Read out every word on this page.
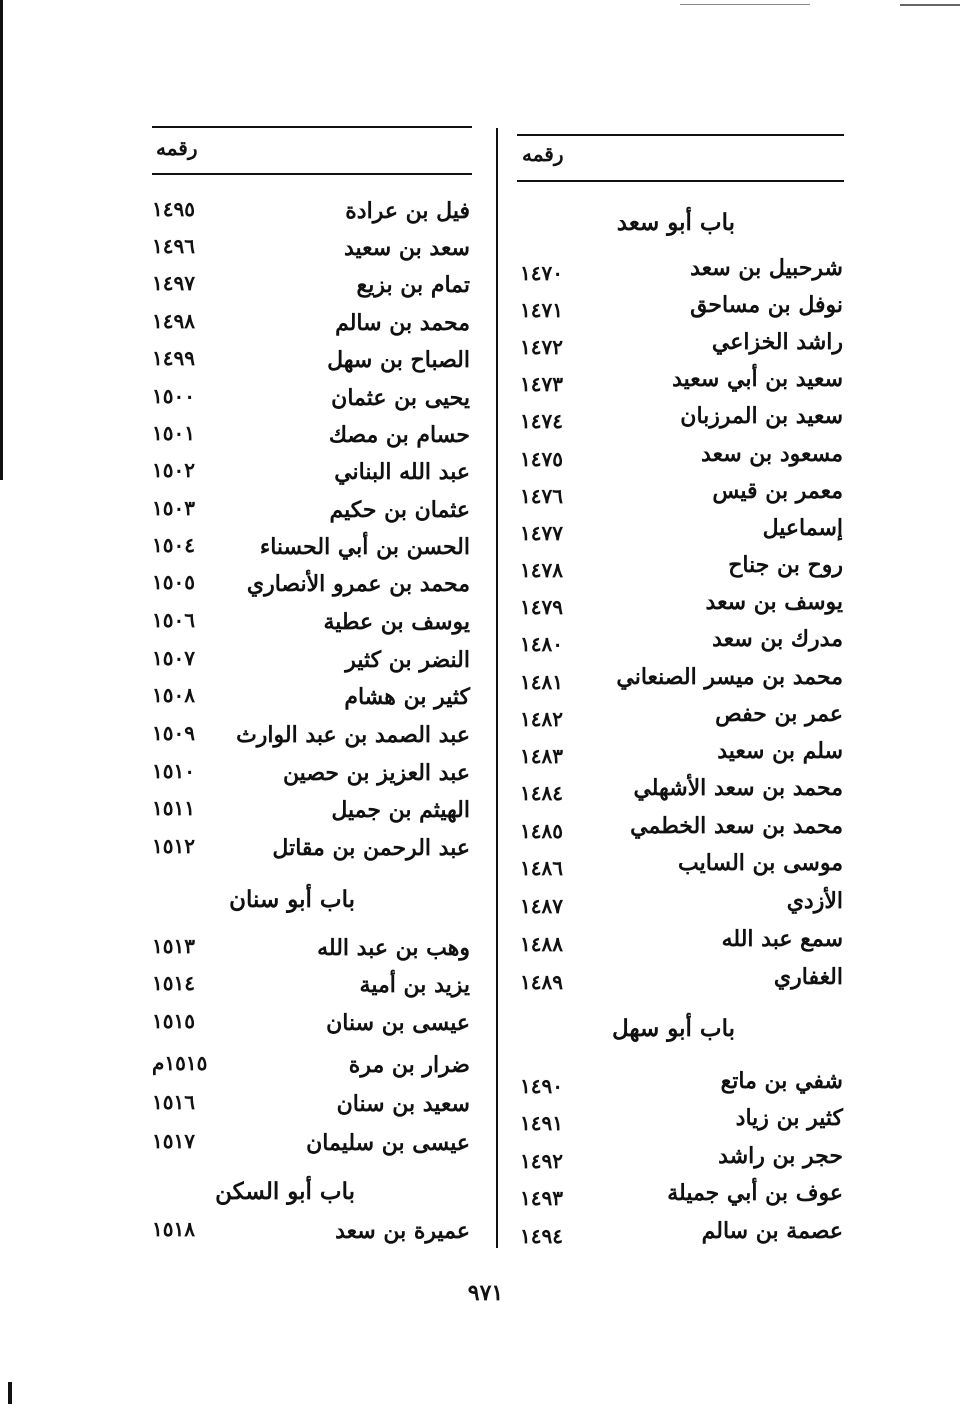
رقمه
رقمه
باب أبو سعد
شرحبيل بن سعد
١٤٧٠
نوفل بن مساحق
١٤٧١
راشد الخزاعي
١٤٧٢
سعيد بن أبي سعيد
١٤٧٣
سعيد بن المرزبان
١٤٧٤
مسعود بن سعد
١٤٧٥
معمر بن قيس
١٤٧٦
إسماعيل
١٤٧٧
روح بن جناح
١٤٧٨
يوسف بن سعد
١٤٧٩
مدرك بن سعد
١٤٨٠
محمد بن ميسر الصنعاني
١٤٨١
عمر بن حفص
١٤٨٢
سلم بن سعيد
١٤٨٣
محمد بن سعد الأشهلي
١٤٨٤
محمد بن سعد الخطمي
١٤٨٥
موسى بن السايب
١٤٨٦
الأزدي
١٤٨٧
سمع عبد الله
١٤٨٨
الغفاري
١٤٨٩
باب أبو سهل
شفي بن ماتع
١٤٩٠
كثير بن زياد
١٤٩١
حجر بن راشد
١٤٩٢
عوف بن أبي جميلة
١٤٩٣
عصمة بن سالم
١٤٩٤
فيل بن عرادة
١٤٩٥
سعد بن سعيد
١٤٩٦
تمام بن بزيع
١٤٩٧
محمد بن سالم
١٤٩٨
الصباح بن سهل
١٤٩٩
يحيى بن عثمان
١٥٠٠
حسام بن مصك
١٥٠١
عبد الله البناني
١٥٠٢
عثمان بن حكيم
١٥٠٣
الحسن بن أبي الحسناء
١٥٠٤
محمد بن عمرو الأنصاري
١٥٠٥
يوسف بن عطية
١٥٠٦
النضر بن كثير
١٥٠٧
كثير بن هشام
١٥٠٨
عبد الصمد بن عبد الوارث
١٥٠٩
عبد العزيز بن حصين
١٥١٠
الهيثم بن جميل
١٥١١
عبد الرحمن بن مقاتل
١٥١٢
باب أبو سنان
وهب بن عبد الله
١٥١٣
يزيد بن أمية
١٥١٤
عيسى بن سنان
١٥١٥
ضرار بن مرة
١٥١٥م
سعيد بن سنان
١٥١٦
عيسى بن سليمان
١٥١٧
باب أبو السكن
عميرة بن سعد
١٥١٨
٩٧١
